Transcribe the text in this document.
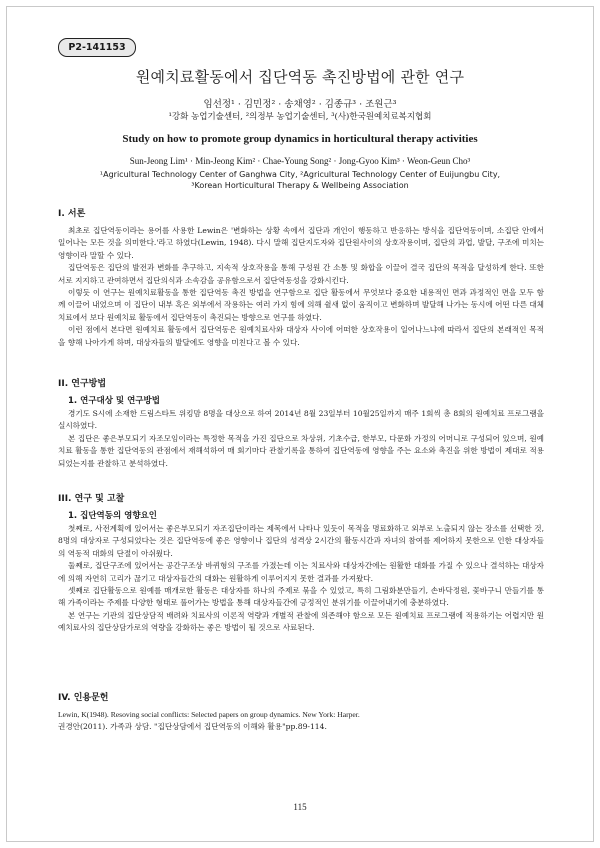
P2-141153
원예치료활동에서 집단역동 촉진방법에 관한 연구
임선정¹ · 김민정² · 송채영² · 김종규³ · 조원근³
¹강화 농업기술센터, ²의정부 농업기술센터, ³(사)한국원예치료복지협회
Study on how to promote group dynamics in horticultural therapy activities
Sun-Jeong Lim¹ · Min-Jeong Kim² · Chae-Young Song² · Jong-Gyoo Kim³ · Weon-Geun Cho³
¹Agricultural Technology Center of Ganghwa City, ²Agricultural Technology Center of Euijungbu City,
³Korean Horticultural Therapy & Wellbeing Association

I. 서론

최초로 집단역동이라는 용어를 사용한 Lewin은 '변화하는 상황 속에서 집단과 개인이 행동하고 반응하는 방식을 집단역동이며, 소집단 안에서 일어나는 모든 것을 의미한다.'라고 하였다(Lewin, 1948). 다시 말해 집단지도자와 집단원사이의 상호작용이며, 집단의 과업, 발달, 구조에 미치는 영향이라 말할 수 있다.

집단역동은 집단의 발전과 변화를 추구하고, 지속적 상호작용을 통해 구성원 간 소통 및 화합을 이끌어 결국 집단의 목적을 달성하게 한다. 또한 서로 지지하고 관여하면서 집단의식과 소속감을 공유함으로서 집단역동성을 강화시킨다.

이렇듯 이 연구는 원예치료활동을 통한 집단역동 촉진 방법을 연구함으로 집단 활동에서 무엇보다 중요한 내용적인 면과 과정적인 면을 모두 함께 이끌어 내었으며 이 집단이 내부 혹은 외부에서 작용하는 여러 가지 힘에 의해 쉴새 없이 움직이고 변화하며 발달해 나가는 동시에 어떤 다른 대체 치료에서 보다 원예치료 활동에서 집단역동이 촉진되는 방향으로 연구를 하였다.

이런 점에서 본다면 원예치료 활동에서 집단역동은 원예치료사와 대상자 사이에 어떠한 상호작용이 일어나느냐에 따라서 집단의 본래적인 목적을 향해 나아가게 하며, 대상자들의 발달에도 영향을 미친다고 볼 수 있다.

II. 연구방법

1. 연구대상 및 연구방법

경기도 S시에 소재한 드림스타트 위킹맘 8명을 대상으로 하여 2014년 8월 23일부터 10월25일까지 매주 1회씩 총 8회의 원예치료 프로그램을 실시하였다.

본 집단은 좋은부모되기 자조모임이라는 특정한 목적을 가진 집단으로 차상위, 기초수급, 한부모, 다문화 가정의 어머니로 구성되어 있으며, 원예치료 활동을 통한 집단역동의 관점에서 재해석하여 매 회기마다 관찰기록을 통하여 집단역동에 영향을 주는 요소와 촉진을 위한 방법이 제대로 적용되었는지를 관찰하고 분석하였다.

III. 연구 및 고찰

1. 집단역동의 영향요인

첫째로, 사전계획에 있어서는 좋은부모되기 자조집단이라는 제목에서 나타나 있듯이 목적을 명료화하고 외부로 노출되지 않는 장소를 선택한 것, 8명의 대상자로 구성되었다는 것은 집단역동에 좋은 영향이나 집단의 성격상 2시간의 활동시간과 자녀의 참여를 제어하지 못한으로 인한 대상자들의 역동적 대화의 단절이 아쉬웠다.

둘째로, 집단구조에 있어서는 공간구조상 바퀴형의 구조를 가졌는데 이는 치료사와 대상자간에는 원활한 대화를 가질 수 있으나 결석하는 대상자에 의해 자연히 고리가 끊기고 대상자들간의 대화는 원활하게 이루어지지 못한 결과를 가져왔다.

셋째로 집단활동으로 원예를 매개로한 활동은 대상자를 하나의 주제로 묶을 수 있었고, 특히 그림화분만들기, 손바닥정원, 꽃바구니 만들기를 통해 가족이라는 주제를 다양한 형태로 풀어가는 방법을 통해 대상자들간에 긍정적인 분위기를 이끌어내기에 충분하였다.

본 연구는 기관의 집단상담적 배려와 치료사의 이론적 역량과 개별적 관찰에 의존해야 함으로 모든 원예치료 프로그램에 적용하기는 어렵지만 원예치료사의 집단상담가로의 역량을 강화하는 좋은 방법이 될 것으로 사료된다.

IV. 인용문헌

Lewin, K(1948). Resoving social conflicts: Selected papers on group dynamics. New York: Harper.

권경안(2011). 가족과 상담. "집단상담에서 집단역동의 이해와 활용"pp.89-114.

115
